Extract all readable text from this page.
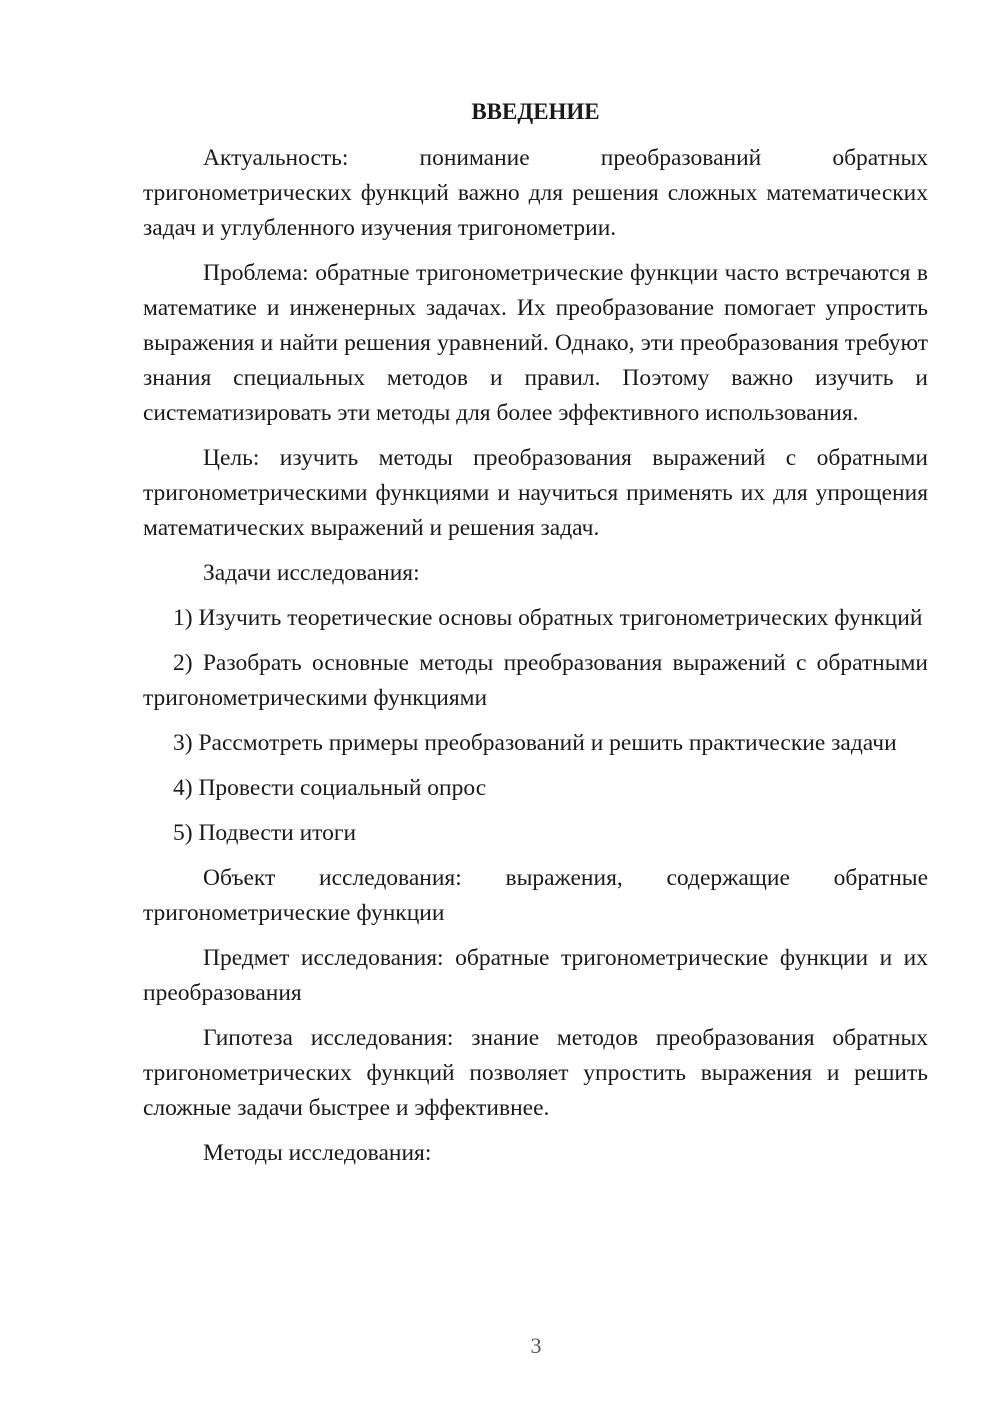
ВВЕДЕНИЕ

Актуальность: понимание преобразований обратных тригонометрических функций важно для решения сложных математических задач и углубленного изучения тригонометрии.

Проблема: обратные тригонометрические функции часто встречаются в математике и инженерных задачах. Их преобразование помогает упростить выражения и найти решения уравнений. Однако, эти преобразования требуют знания специальных методов и правил. Поэтому важно изучить и систематизировать эти методы для более эффективного использования.

Цель: изучить методы преобразования выражений с обратными тригонометрическими функциями и научиться применять их для упрощения математических выражений и решения задач.

Задачи исследования:

1) Изучить теоретические основы обратных тригонометрических функций

2) Разобрать основные методы преобразования выражений с обратными тригонометрическими функциями

3) Рассмотреть примеры преобразований и решить практические задачи

4) Провести социальный опрос

5) Подвести итоги

Объект исследования: выражения, содержащие обратные тригонометрические функции

Предмет исследования: обратные тригонометрические функции и их преобразования

Гипотеза исследования: знание методов преобразования обратных тригонометрических функций позволяет упростить выражения и решить сложные задачи быстрее и эффективнее.

Методы исследования:

3
